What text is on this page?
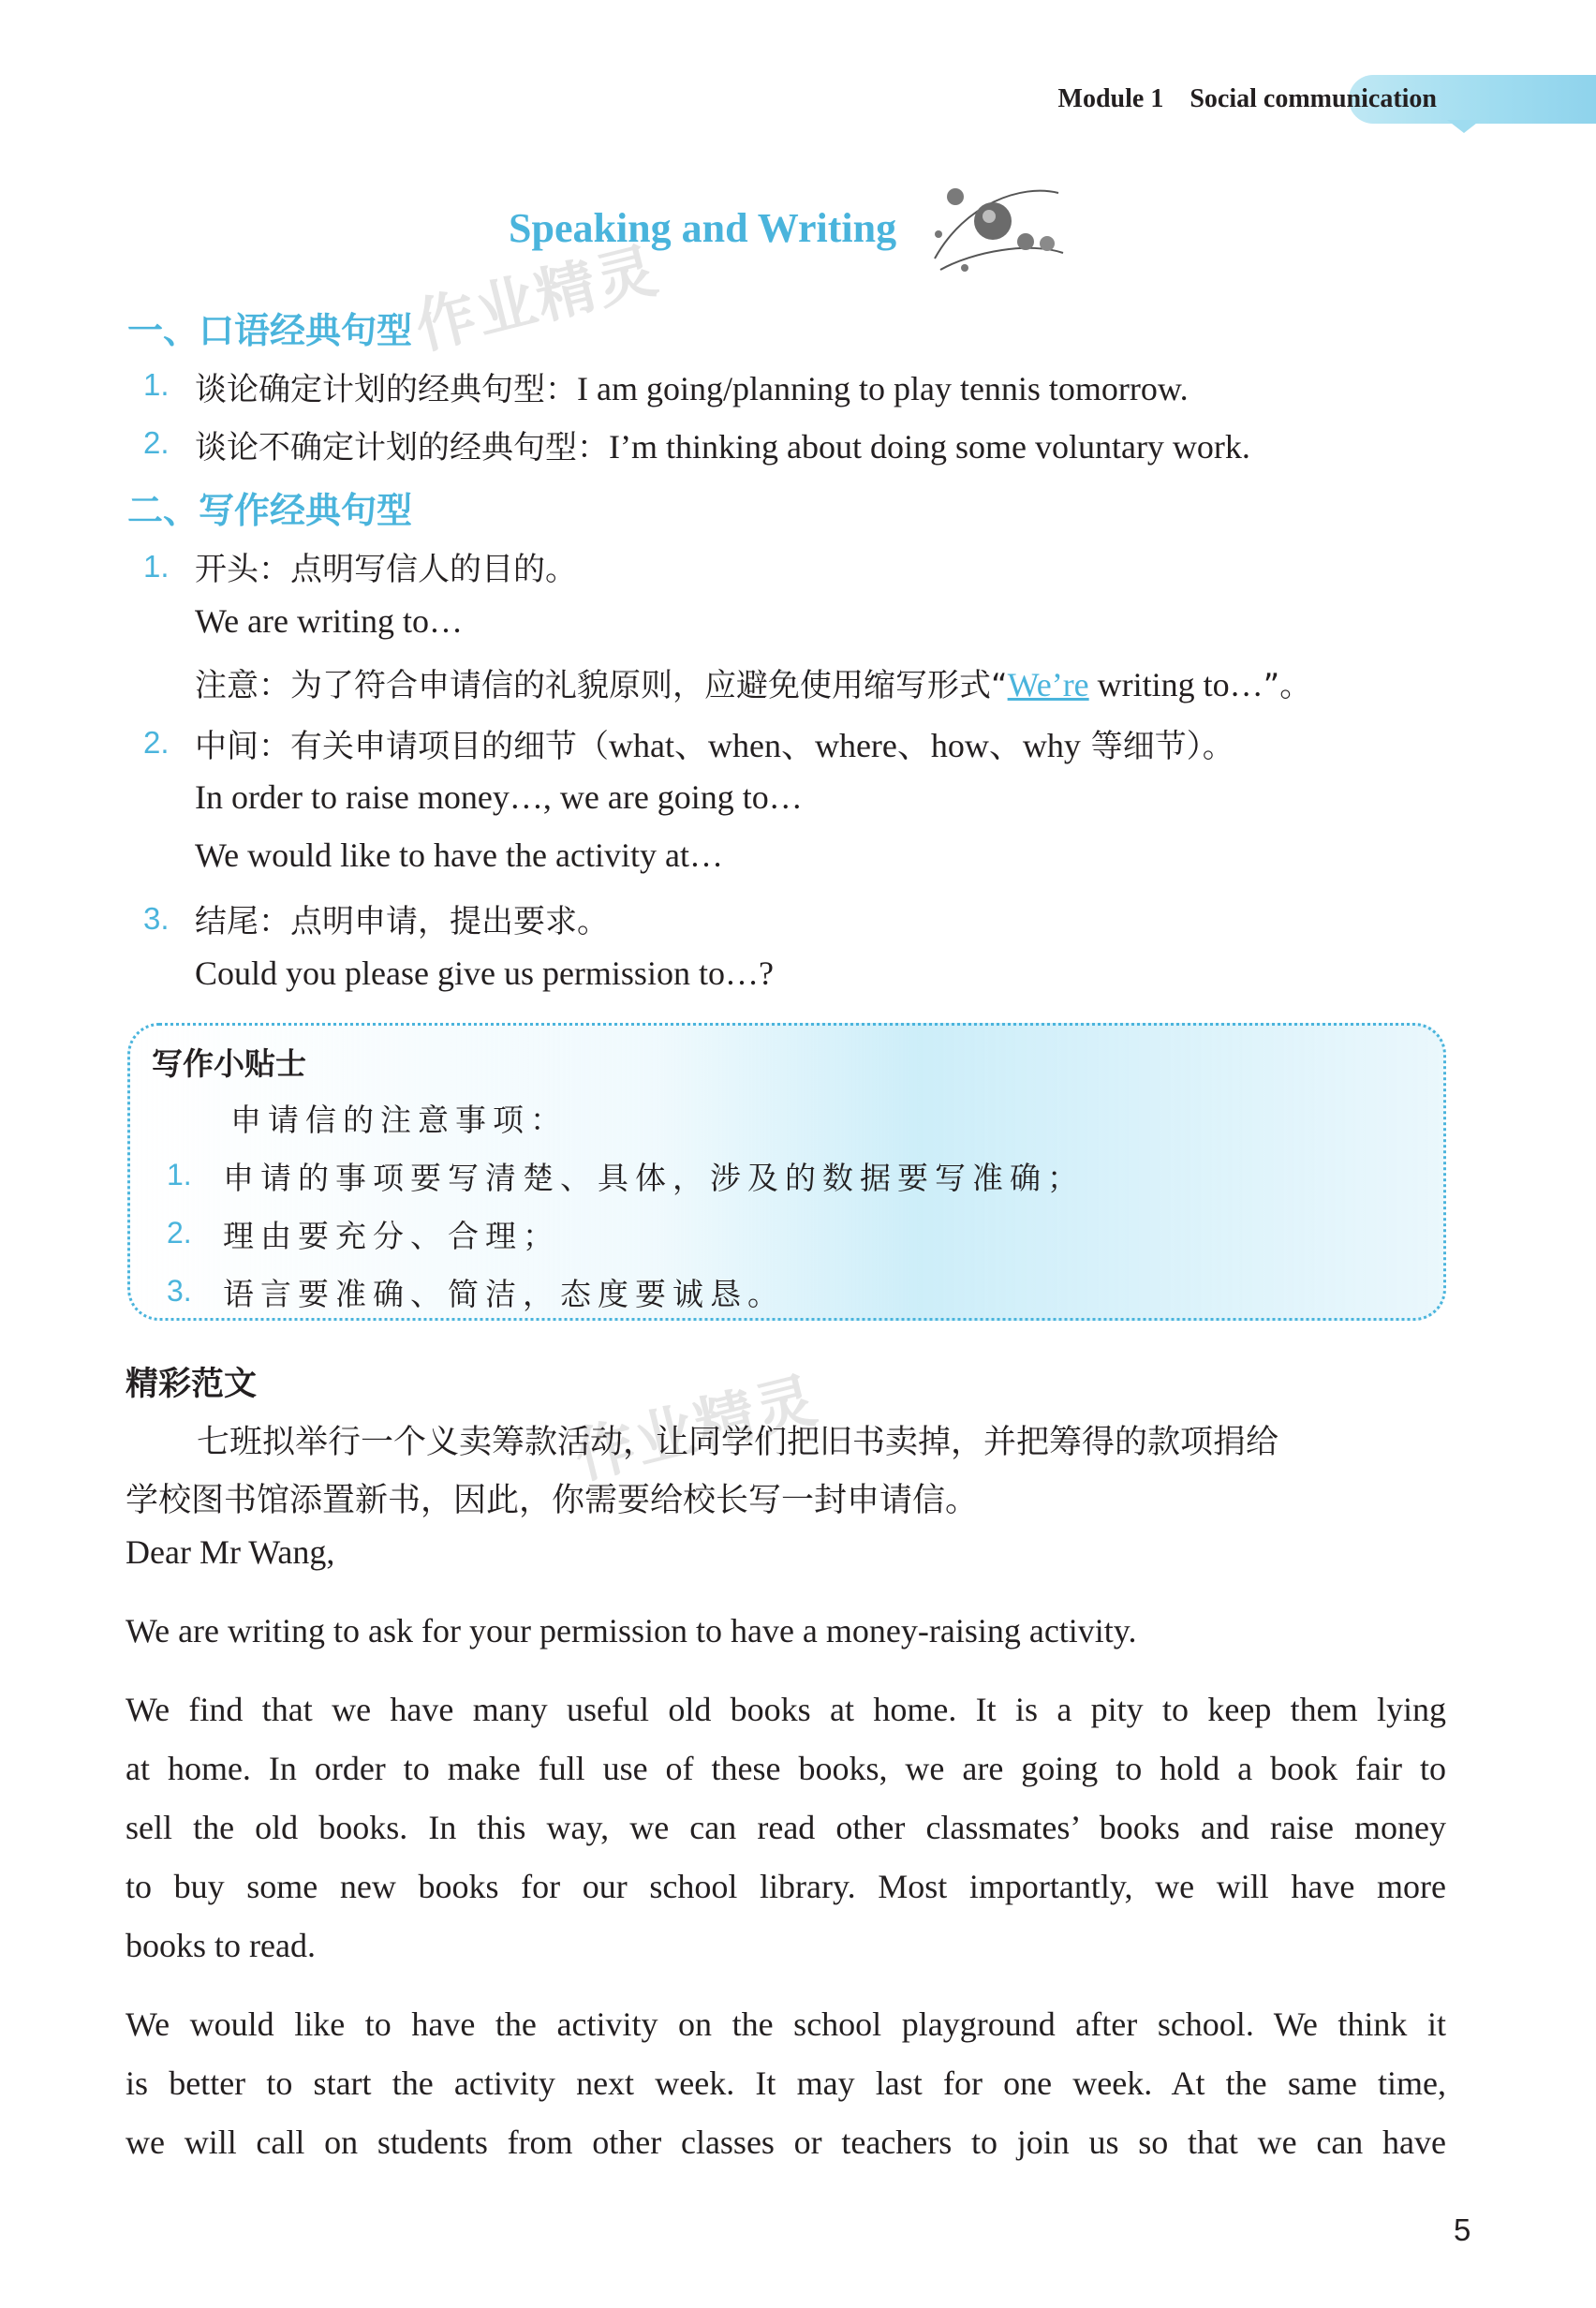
Module 1 Social communication
Speaking and Writing
作业精灵
作业精灵
一、口语经典句型
1. 谈论确定计划的经典句型：I am going/planning to play tennis tomorrow.
2. 谈论不确定计划的经典句型：I’m thinking about doing some voluntary work.
二、写作经典句型
1. 开头：点明写信人的目的。
We are writing to…
注意：为了符合申请信的礼貌原则，应避免使用缩写形式“We’re writing to…”。
2. 中间：有关申请项目的细节（what、when、where、how、why 等细节）。
In order to raise money…, we are going to…
We would like to have the activity at…
3. 结尾：点明申请，提出要求。
Could you please give us permission to…?
写作小贴士
申请信的注意事项：
1. 申请的事项要写清楚、具体，涉及的数据要写准确；
2. 理由要充分、合理；
3. 语言要准确、简洁，态度要诚恳。
精彩范文
七班拟举行一个义卖筹款活动，让同学们把旧书卖掉，并把筹得的款项捐给
学校图书馆添置新书，因此，你需要给校长写一封申请信。
Dear Mr Wang,
We are writing to ask for your permission to have a money-raising activity.
We find that we have many useful old books at home. It is a pity to keep them lying
at home. In order to make full use of these books, we are going to hold a book fair to
sell the old books. In this way, we can read other classmates’ books and raise money
to buy some new books for our school library. Most importantly, we will have more
books to read.
We would like to have the activity on the school playground after school. We think it
is better to start the activity next week. It may last for one week. At the same time,
we will call on students from other classes or teachers to join us so that we can have
5
